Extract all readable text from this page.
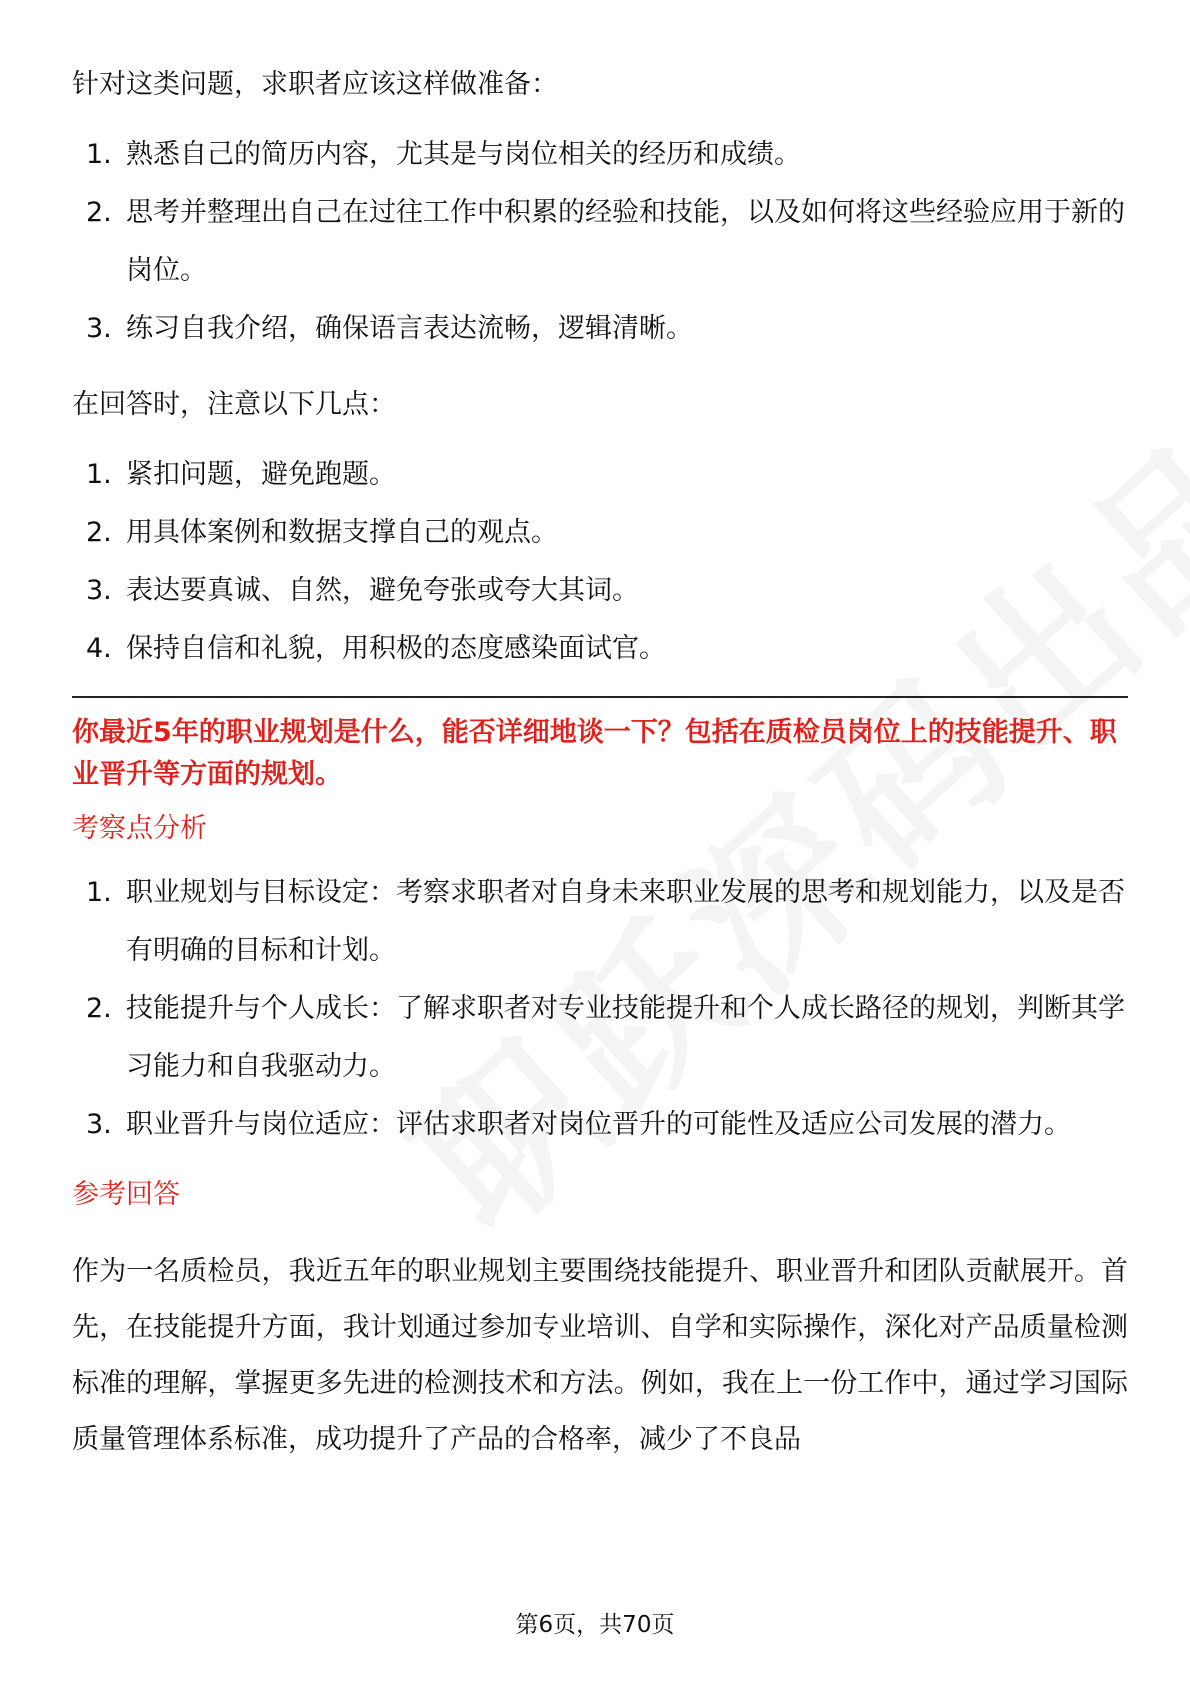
针对这类问题，求职者应该这样做准备：

1. 熟悉自己的简历内容，尤其是与岗位相关的经历和成绩。
2. 思考并整理出自己在过往工作中积累的经验和技能，以及如何将这些经验应用于新的岗位。
3. 练习自我介绍，确保语言表达流畅，逻辑清晰。

在回答时，注意以下几点：

1. 紧扣问题，避免跑题。
2. 用具体案例和数据支撑自己的观点。
3. 表达要真诚、自然，避免夸张或夸大其词。
4. 保持自信和礼貌，用积极的态度感染面试官。

你最近5年的职业规划是什么，能否详细地谈一下？包括在质检员岗位上的技能提升、职业晋升等方面的规划。

考察点分析

1. 职业规划与目标设定：考察求职者对自身未来职业发展的思考和规划能力，以及是否有明确的目标和计划。
2. 技能提升与个人成长：了解求职者对专业技能提升和个人成长路径的规划，判断其学习能力和自我驱动力。
3. 职业晋升与岗位适应：评估求职者对岗位晋升的可能性及适应公司发展的潜力。

参考回答

作为一名质检员，我近五年的职业规划主要围绕技能提升、职业晋升和团队贡献展开。首先，在技能提升方面，我计划通过参加专业培训、自学和实际操作，深化对产品质量检测标准的理解，掌握更多先进的检测技术和方法。例如，我在上一份工作中，通过学习国际质量管理体系标准，成功提升了产品的合格率，减少了不良品

第6页，共70页
